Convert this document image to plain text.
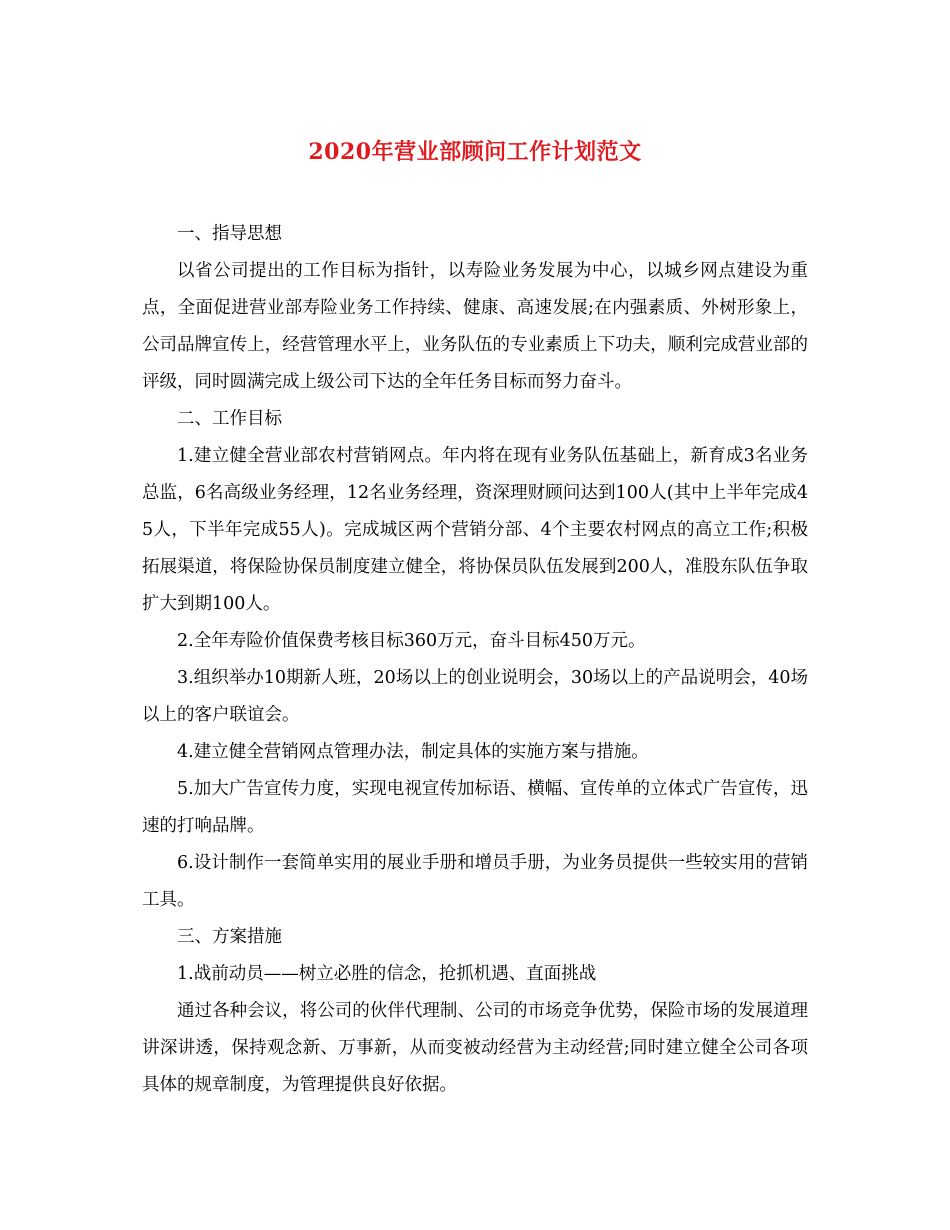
2020年营业部顾问工作计划范文

一、指导思想

以省公司提出的工作目标为指针，以寿险业务发展为中心，以城乡网点建设为重点，全面促进营业部寿险业务工作持续、健康、高速发展;在内强素质、外树形象上，公司品牌宣传上，经营管理水平上，业务队伍的专业素质上下功夫，顺利完成营业部的评级，同时圆满完成上级公司下达的全年任务目标而努力奋斗。

二、工作目标

1.建立健全营业部农村营销网点。年内将在现有业务队伍基础上，新育成3名业务总监，6名高级业务经理，12名业务经理，资深理财顾问达到100人(其中上半年完成45人，下半年完成55人)。完成城区两个营销分部、4个主要农村网点的高立工作;积极拓展渠道，将保险协保员制度建立健全，将协保员队伍发展到200人，准股东队伍争取扩大到期100人。

2.全年寿险价值保费考核目标360万元，奋斗目标450万元。

3.组织举办10期新人班，20场以上的创业说明会，30场以上的产品说明会，40场以上的客户联谊会。

4.建立健全营销网点管理办法，制定具体的实施方案与措施。

5.加大广告宣传力度，实现电视宣传加标语、横幅、宣传单的立体式广告宣传，迅速的打响品牌。

6.设计制作一套简单实用的展业手册和增员手册，为业务员提供一些较实用的营销工具。

三、方案措施

1.战前动员——树立必胜的信念，抢抓机遇、直面挑战

通过各种会议，将公司的伙伴代理制、公司的市场竞争优势，保险市场的发展道理讲深讲透，保持观念新、万事新，从而变被动经营为主动经营;同时建立健全公司各项具体的规章制度，为管理提供良好依据。
